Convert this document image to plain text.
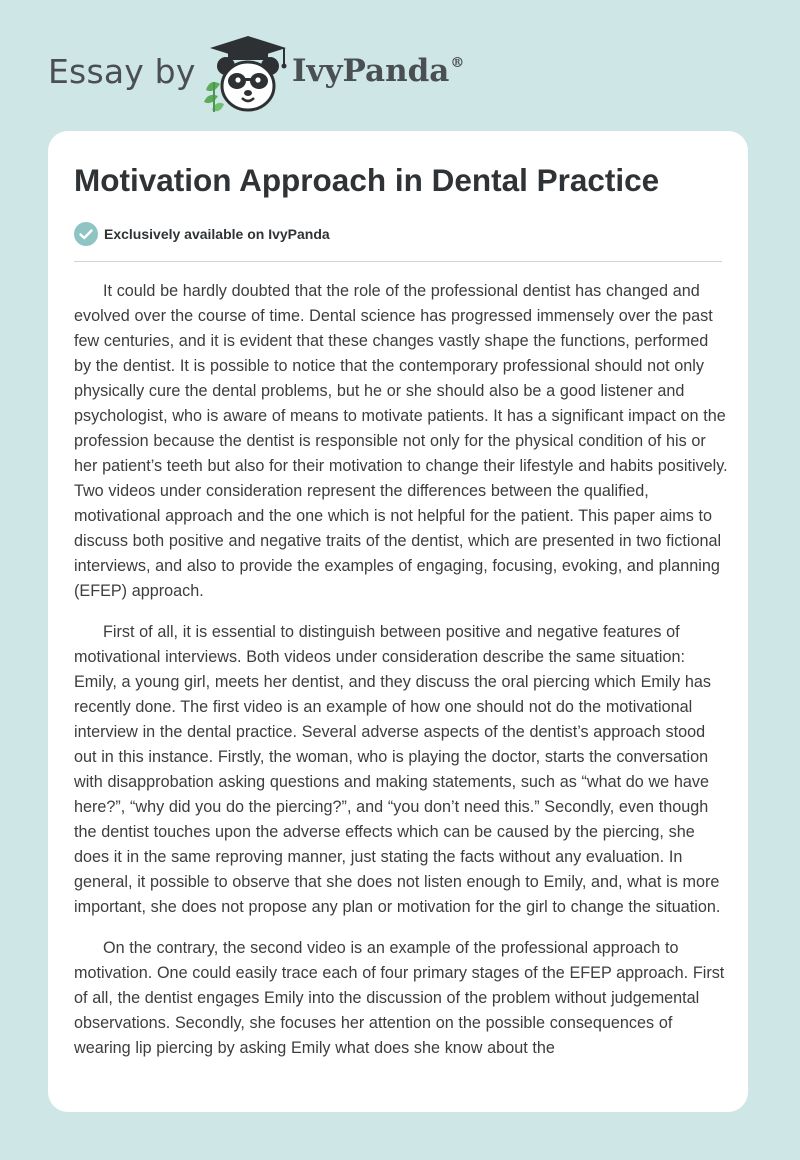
Essay by	IvyPanda®
Motivation Approach in Dental Practice
Exclusively available on IvyPanda

It could be hardly doubted that the role of the professional dentist has changed and evolved over the course of time. Dental science has progressed immensely over the past few centuries, and it is evident that these changes vastly shape the functions, performed by the dentist. It is possible to notice that the contemporary professional should not only physically cure the dental problems, but he or she should also be a good listener and psychologist, who is aware of means to motivate patients. It has a significant impact on the profession because the dentist is responsible not only for the physical condition of his or her patient’s teeth but also for their motivation to change their lifestyle and habits positively. Two videos under consideration represent the differences between the qualified, motivational approach and the one which is not helpful for the patient. This paper aims to discuss both positive and negative traits of the dentist, which are presented in two fictional interviews, and also to provide the examples of engaging, focusing, evoking, and planning (EFEP) approach.

First of all, it is essential to distinguish between positive and negative features of motivational interviews. Both videos under consideration describe the same situation: Emily, a young girl, meets her dentist, and they discuss the oral piercing which Emily has recently done. The first video is an example of how one should not do the motivational interview in the dental practice. Several adverse aspects of the dentist’s approach stood out in this instance. Firstly, the woman, who is playing the doctor, starts the conversation with disapprobation asking questions and making statements, such as “what do we have here?”, “why did you do the piercing?”, and “you don’t need this.” Secondly, even though the dentist touches upon the adverse effects which can be caused by the piercing, she does it in the same reproving manner, just stating the facts without any evaluation. In general, it possible to observe that she does not listen enough to Emily, and, what is more important, she does not propose any plan or motivation for the girl to change the situation.

On the contrary, the second video is an example of the professional approach to motivation. One could easily trace each of four primary stages of the EFEP approach. First of all, the dentist engages Emily into the discussion of the problem without judgemental observations. Secondly, she focuses her attention on the possible consequences of wearing lip piercing by asking Emily what does she know about the
